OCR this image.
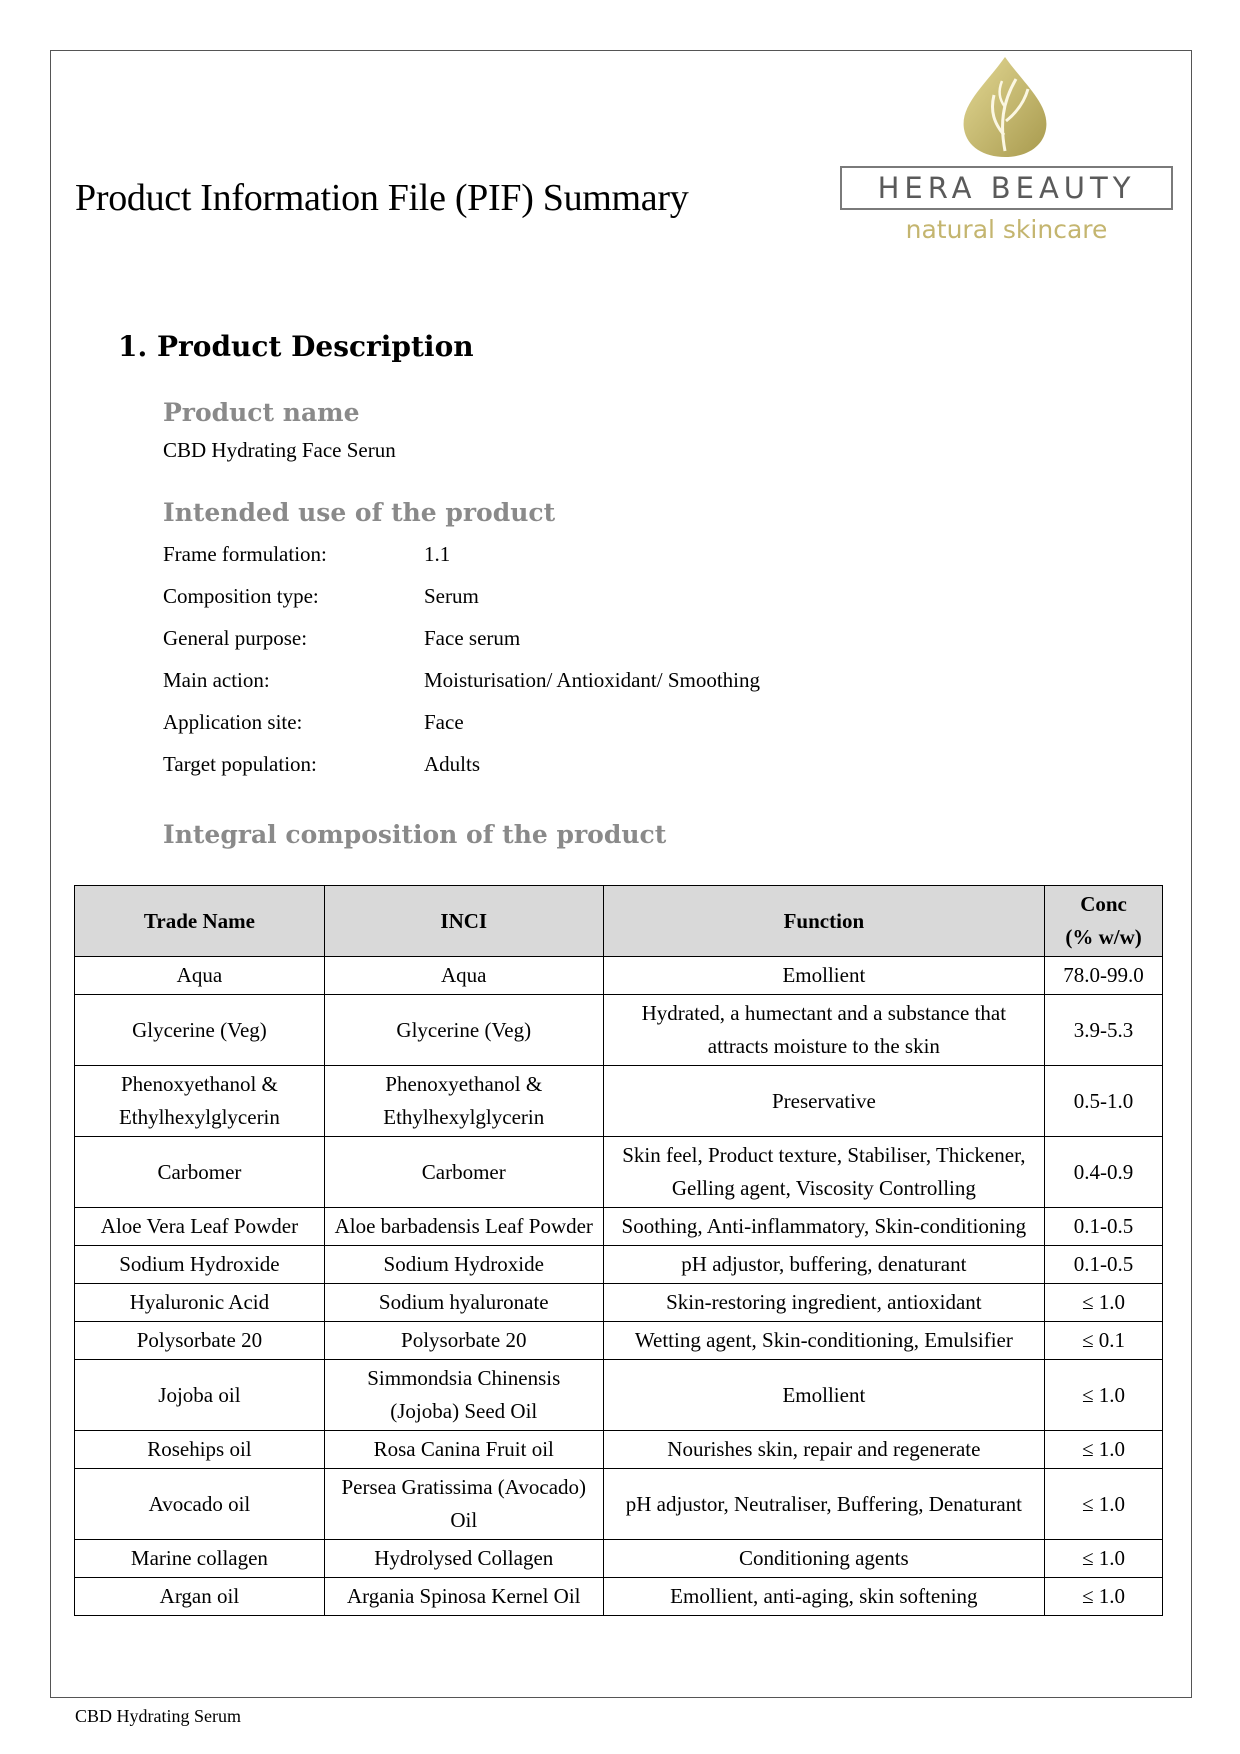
Product Information File (PIF) Summary	HERA BEAUTY
natural skincare
1. Product Description
Product name
CBD Hydrating Face Serun
Intended use of the product
Frame formulation:	1.1
Composition type:	Serum
General purpose:	Face serum
Main action:	Moisturisation/ Antioxidant/ Smoothing
Application site:	Face
Target population:	Adults
Integral composition of the product
Trade Name	INCI	Function	Conc
(% w/w)
Aqua	Aqua	Emollient	78.0-99.0
Glycerine (Veg)	Glycerine (Veg)	Hydrated, a humectant and a substance that attracts moisture to the skin	3.9-5.3
Phenoxyethanol & Ethylhexylglycerin	Phenoxyethanol & Ethylhexylglycerin	Preservative	0.5-1.0
Carbomer	Carbomer	Skin feel, Product texture, Stabiliser, Thickener, Gelling agent, Viscosity Controlling	0.4-0.9
Aloe Vera Leaf Powder	Aloe barbadensis Leaf Powder	Soothing, Anti-inflammatory, Skin-conditioning	0.1-0.5
Sodium Hydroxide	Sodium Hydroxide	pH adjustor, buffering, denaturant	0.1-0.5
Hyaluronic Acid	Sodium hyaluronate	Skin-restoring ingredient, antioxidant	≤ 1.0
Polysorbate 20	Polysorbate 20	Wetting agent, Skin-conditioning, Emulsifier	≤ 0.1
Jojoba oil	Simmondsia Chinensis (Jojoba) Seed Oil	Emollient	≤ 1.0
Rosehips oil	Rosa Canina Fruit oil	Nourishes skin, repair and regenerate	≤ 1.0
Avocado oil	Persea Gratissima (Avocado) Oil	pH adjustor, Neutraliser, Buffering, Denaturant	≤ 1.0
Marine collagen	Hydrolysed Collagen	Conditioning agents	≤ 1.0
Argan oil	Argania Spinosa Kernel Oil	Emollient, anti-aging, skin softening	≤ 1.0
CBD Hydrating Serum
